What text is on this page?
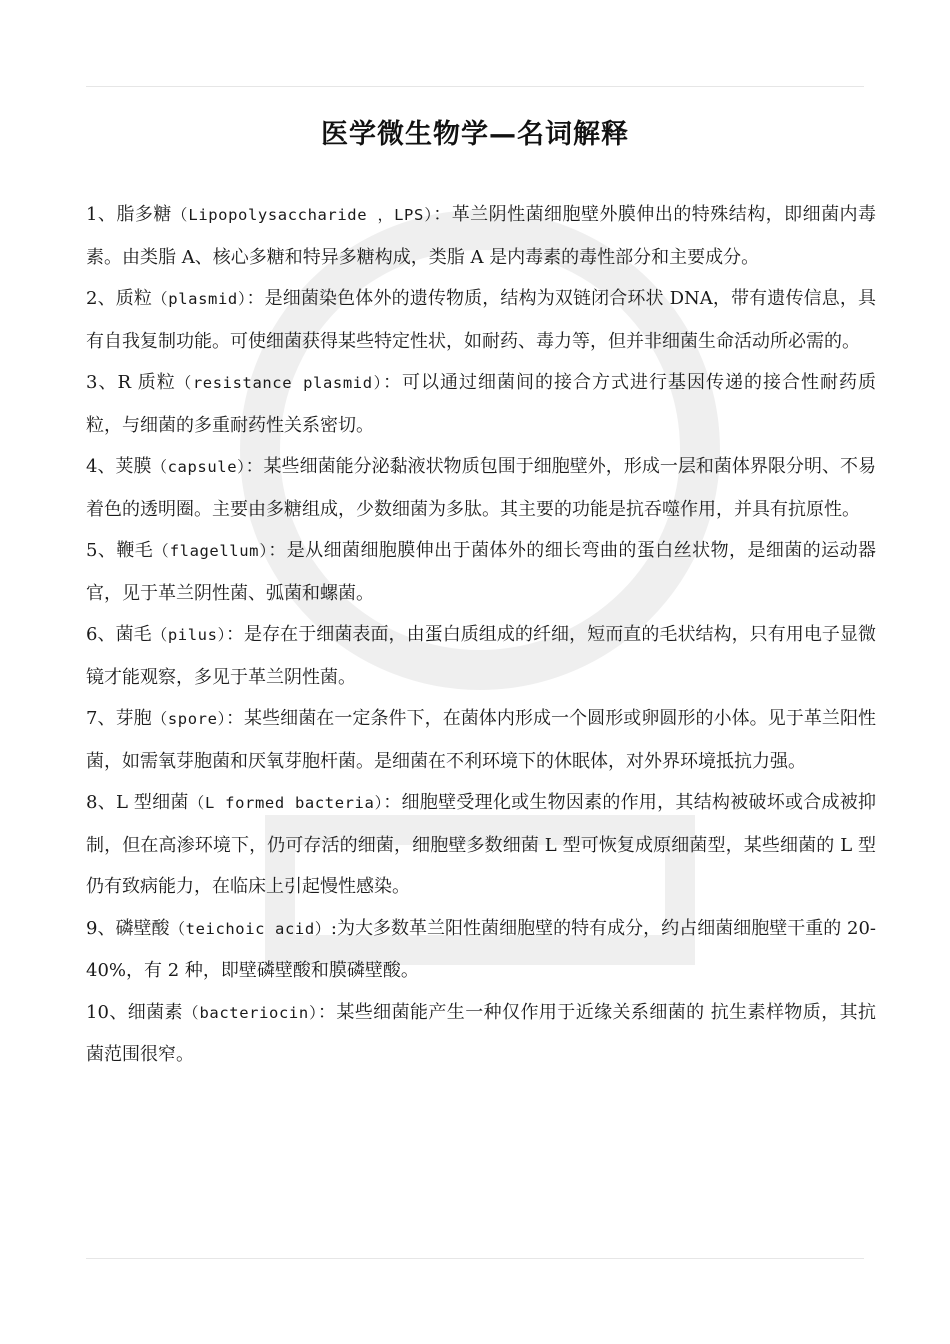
医学微生物学—名词解释

1、脂多糖（Lipopolysaccharide ，LPS）：革兰阴性菌细胞壁外膜伸出的特殊结构，即细菌内毒素。由类脂 A、核心多糖和特异多糖构成，类脂 A 是内毒素的毒性部分和主要成分。

2、质粒（plasmid）：是细菌染色体外的遗传物质，结构为双链闭合环状 DNA，带有遗传信息，具有自我复制功能。可使细菌获得某些特定性状，如耐药、毒力等，但并非细菌生命活动所必需的。

3、R 质粒（resistance plasmid）：可以通过细菌间的接合方式进行基因传递的接合性耐药质粒，与细菌的多重耐药性关系密切。

4、荚膜（capsule）：某些细菌能分泌黏液状物质包围于细胞壁外，形成一层和菌体界限分明、不易着色的透明圈。主要由多糖组成，少数细菌为多肽。其主要的功能是抗吞噬作用，并具有抗原性。

5、鞭毛（flagellum）：是从细菌细胞膜伸出于菌体外的细长弯曲的蛋白丝状物，是细菌的运动器官，见于革兰阴性菌、弧菌和螺菌。

6、菌毛（pilus）：是存在于细菌表面，由蛋白质组成的纤细，短而直的毛状结构，只有用电子显微镜才能观察，多见于革兰阴性菌。

7、芽胞（spore）：某些细菌在一定条件下，在菌体内形成一个圆形或卵圆形的小体。见于革兰阳性菌，如需氧芽胞菌和厌氧芽胞杆菌。是细菌在不利环境下的休眠体，对外界环境抵抗力强。

8、L 型细菌（L formed bacteria）：细胞壁受理化或生物因素的作用，其结构被破坏或合成被抑制，但在高渗环境下，仍可存活的细菌，细胞壁多数细菌 L 型可恢复成原细菌型，某些细菌的 L 型仍有致病能力，在临床上引起慢性感染。

9、磷壁酸（teichoic acid）:为大多数革兰阳性菌细胞壁的特有成分，约占细菌细胞壁干重的 20-40%，有 2 种，即壁磷壁酸和膜磷壁酸。

10、细菌素（bacteriocin）：某些细菌能产生一种仅作用于近缘关系细菌的 抗生素样物质，其抗菌范围很窄。
